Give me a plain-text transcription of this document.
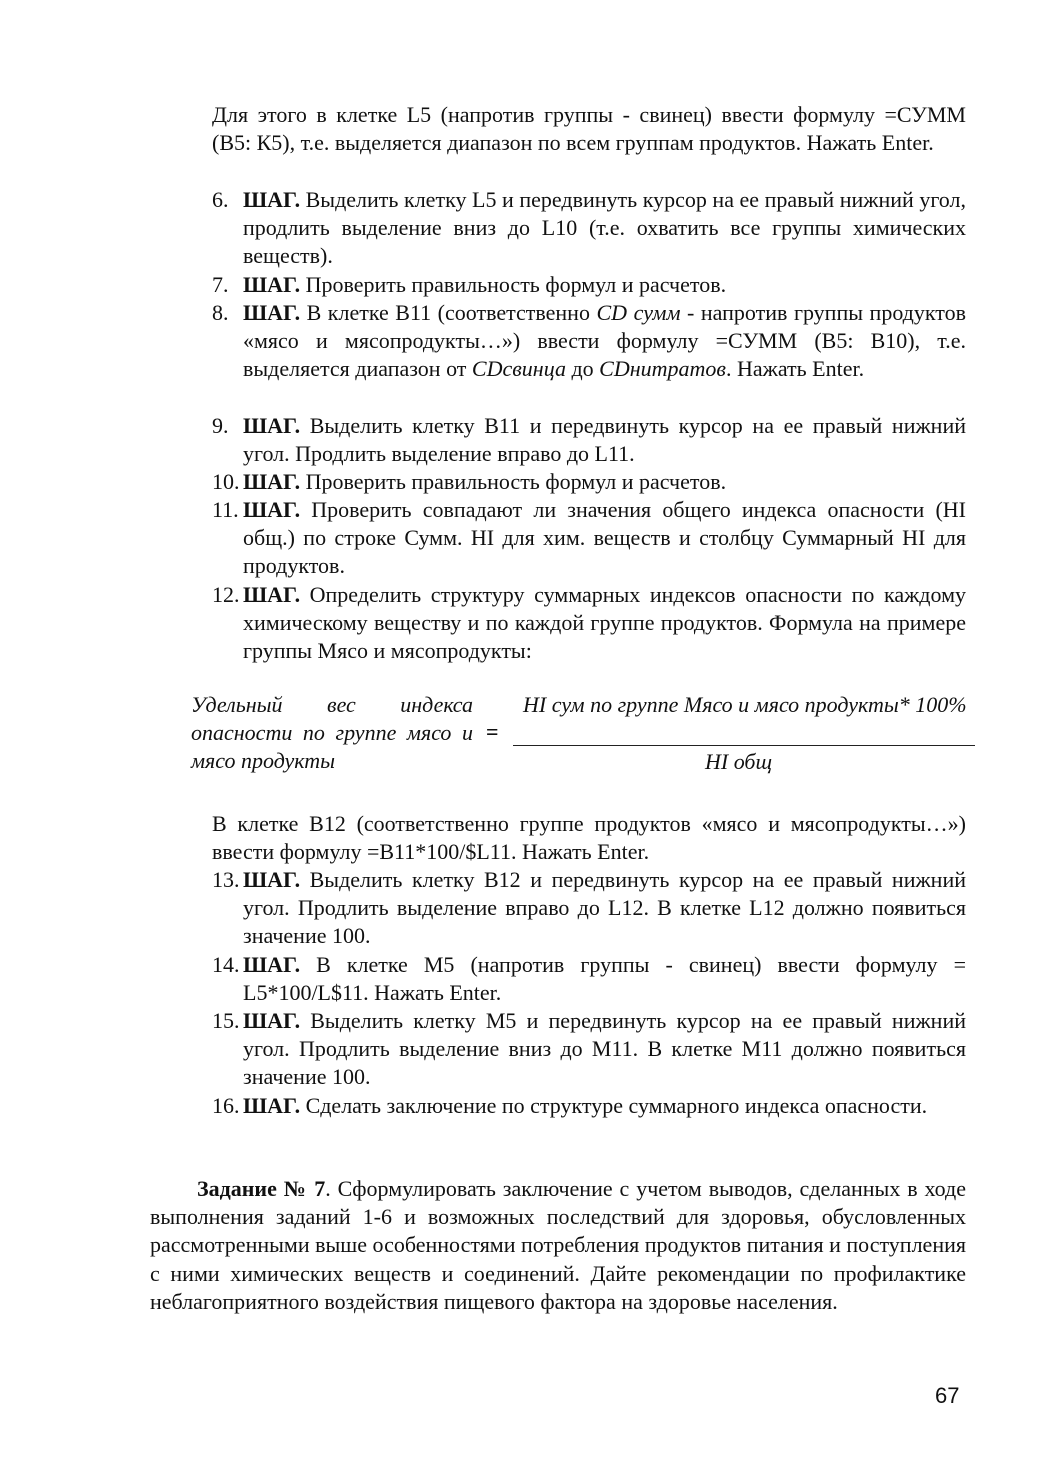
Для этого в клетке L5 (напротив группы - свинец) ввести формулу =СУММ (В5: К5), т.е. выделяется диапазон по всем группам продуктов. Нажать Enter.

6. ШАГ. Выделить клетку L5 и передвинуть курсор на ее правый нижний угол, продлить выделение вниз до L10 (т.е. охватить все группы химических веществ).
7. ШАГ. Проверить правильность формул и расчетов.
8. ШАГ. В клетке В11 (соответственно CD сумм - напротив группы продуктов «мясо и мясопродукты…») ввести формулу =СУММ (В5: В10), т.е. выделяется диапазон от CDсвинца до CDнитратов. Нажать Enter.
9. ШАГ. Выделить клетку В11 и передвинуть курсор на ее правый нижний угол. Продлить выделение вправо до L11.
10. ШАГ. Проверить правильность формул и расчетов.
11. ШАГ. Проверить совпадают ли значения общего индекса опасности (HI общ.) по строке Сумм. HI для хим. веществ и столбцу Суммарный HI для продуктов.
12. ШАГ. Определить структуру суммарных индексов опасности по каждому химическому веществу и по каждой группе продуктов. Формула на примере группы Мясо и мясопродукты:
Удельный вес индекса опасности по группе мясо и мясо продукты
=
HI сум по группе Мясо и мясо продукты* 100%
HI общ

В клетке В12 (соответственно группе продуктов «мясо и мясопродукты…») ввести формулу =В11*100/$L11. Нажать Enter.

13. ШАГ. Выделить клетку В12 и передвинуть курсор на ее правый нижний угол. Продлить выделение вправо до L12. В клетке L12 должно появиться значение 100.
14. ШАГ. В клетке М5 (напротив группы - свинец) ввести формулу = L5*100/L$11. Нажать Enter.
15. ШАГ. Выделить клетку М5 и передвинуть курсор на ее правый нижний угол. Продлить выделение вниз до М11. В клетке М11 должно появиться значение 100.
16. ШАГ. Сделать заключение по структуре суммарного индекса опасности.
Задание № 7. Сформулировать заключение с учетом выводов, сделанных в ходе выполнения заданий 1-6 и возможных последствий для здоровья, обусловленных рассмотренными выше особенностями потребления продуктов питания и поступления с ними химических веществ и соединений. Дайте рекомендации по профилактике неблагоприятного воздействия пищевого фактора на здоровье населения.
67
